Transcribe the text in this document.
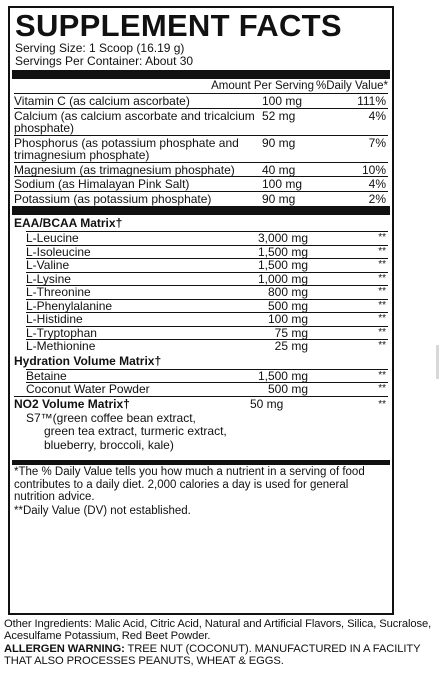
SUPPLEMENT FACTS
Serving Size: 1 Scoop (16.19 g)
Servings Per Container: About 30
Amount Per Serving %Daily Value*
Vitamin C (as calcium ascorbate)	100 mg	111%
Calcium (as calcium ascorbate and tricalcium phosphate)
52 mg	4%
Phosphorus (as potassium phosphate and trimagnesium phosphate)
90 mg	7%
Magnesium (as trimagnesium phosphate)	40 mg	10%
Sodium (as Himalayan Pink Salt)	100 mg	4%
Potassium (as potassium phosphate)	90 mg	2%
EAA/BCAA Matrix†
L-Leucine	3,000 mg	**
L-Isoleucine	1,500 mg	**
L-Valine	1,500 mg	**
L-Lysine	1,000 mg	**
L-Threonine	800 mg	**
L-Phenylalanine	500 mg	**
L-Histidine	100 mg	**
L-Tryptophan	75 mg	**
L-Methionine	25 mg	**
Hydration Volume Matrix†
Betaine	1,500 mg	**
Coconut Water Powder	500 mg	**
NO2 Volume Matrix†	50 mg	**
S7™(green coffee bean extract,
green tea extract, turmeric extract,
blueberry, broccoli, kale)
*The % Daily Value tells you how much a nutrient in a serving of food contributes to a daily diet. 2,000 calories a day is used for general nutrition advice.
**Daily Value (DV) not established.
Other Ingredients: Malic Acid, Citric Acid, Natural and Artificial Flavors, Silica, Sucralose, Acesulfame Potassium, Red Beet Powder.
ALLERGEN WARNING: TREE NUT (COCONUT). MANUFACTURED IN A FACILITY THAT ALSO PROCESSES PEANUTS, WHEAT & EGGS.
